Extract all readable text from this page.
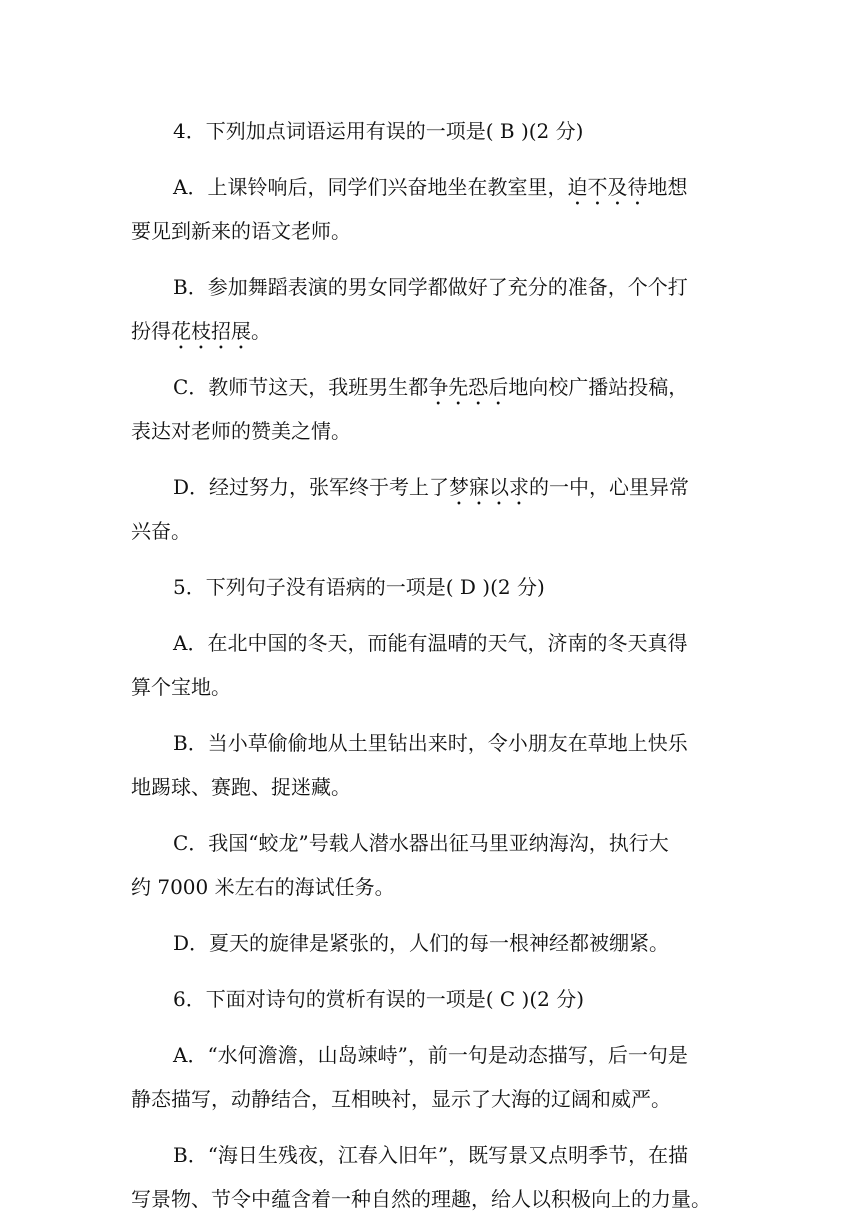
4．下列加点词语运用有误的一项是( B )(2 分)
A．上课铃响后，同学们兴奋地坐在教室里，迫不及待地想
要见到新来的语文老师。
B．参加舞蹈表演的男女同学都做好了充分的准备，个个打
扮得花枝招展。
C．教师节这天，我班男生都争先恐后地向校广播站投稿，
表达对老师的赞美之情。
D．经过努力，张军终于考上了梦寐以求的一中，心里异常
兴奋。
5．下列句子没有语病的一项是( D )(2 分)
A．在北中国的冬天，而能有温晴的天气，济南的冬天真得
算个宝地。
B．当小草偷偷地从土里钻出来时，令小朋友在草地上快乐
地踢球、赛跑、捉迷藏。
C．我国“蛟龙”号载人潜水器出征马里亚纳海沟，执行大
约 7000 米左右的海试任务。
D．夏天的旋律是紧张的，人们的每一根神经都被绷紧。
6．下面对诗句的赏析有误的一项是( C )(2 分)
A．“水何澹澹，山岛竦峙”，前一句是动态描写，后一句是
静态描写，动静结合，互相映衬，显示了大海的辽阔和威严。
B．“海日生残夜，江春入旧年”，既写景又点明季节，在描
写景物、节令中蕴含着一种自然的理趣，给人以积极向上的力量。
